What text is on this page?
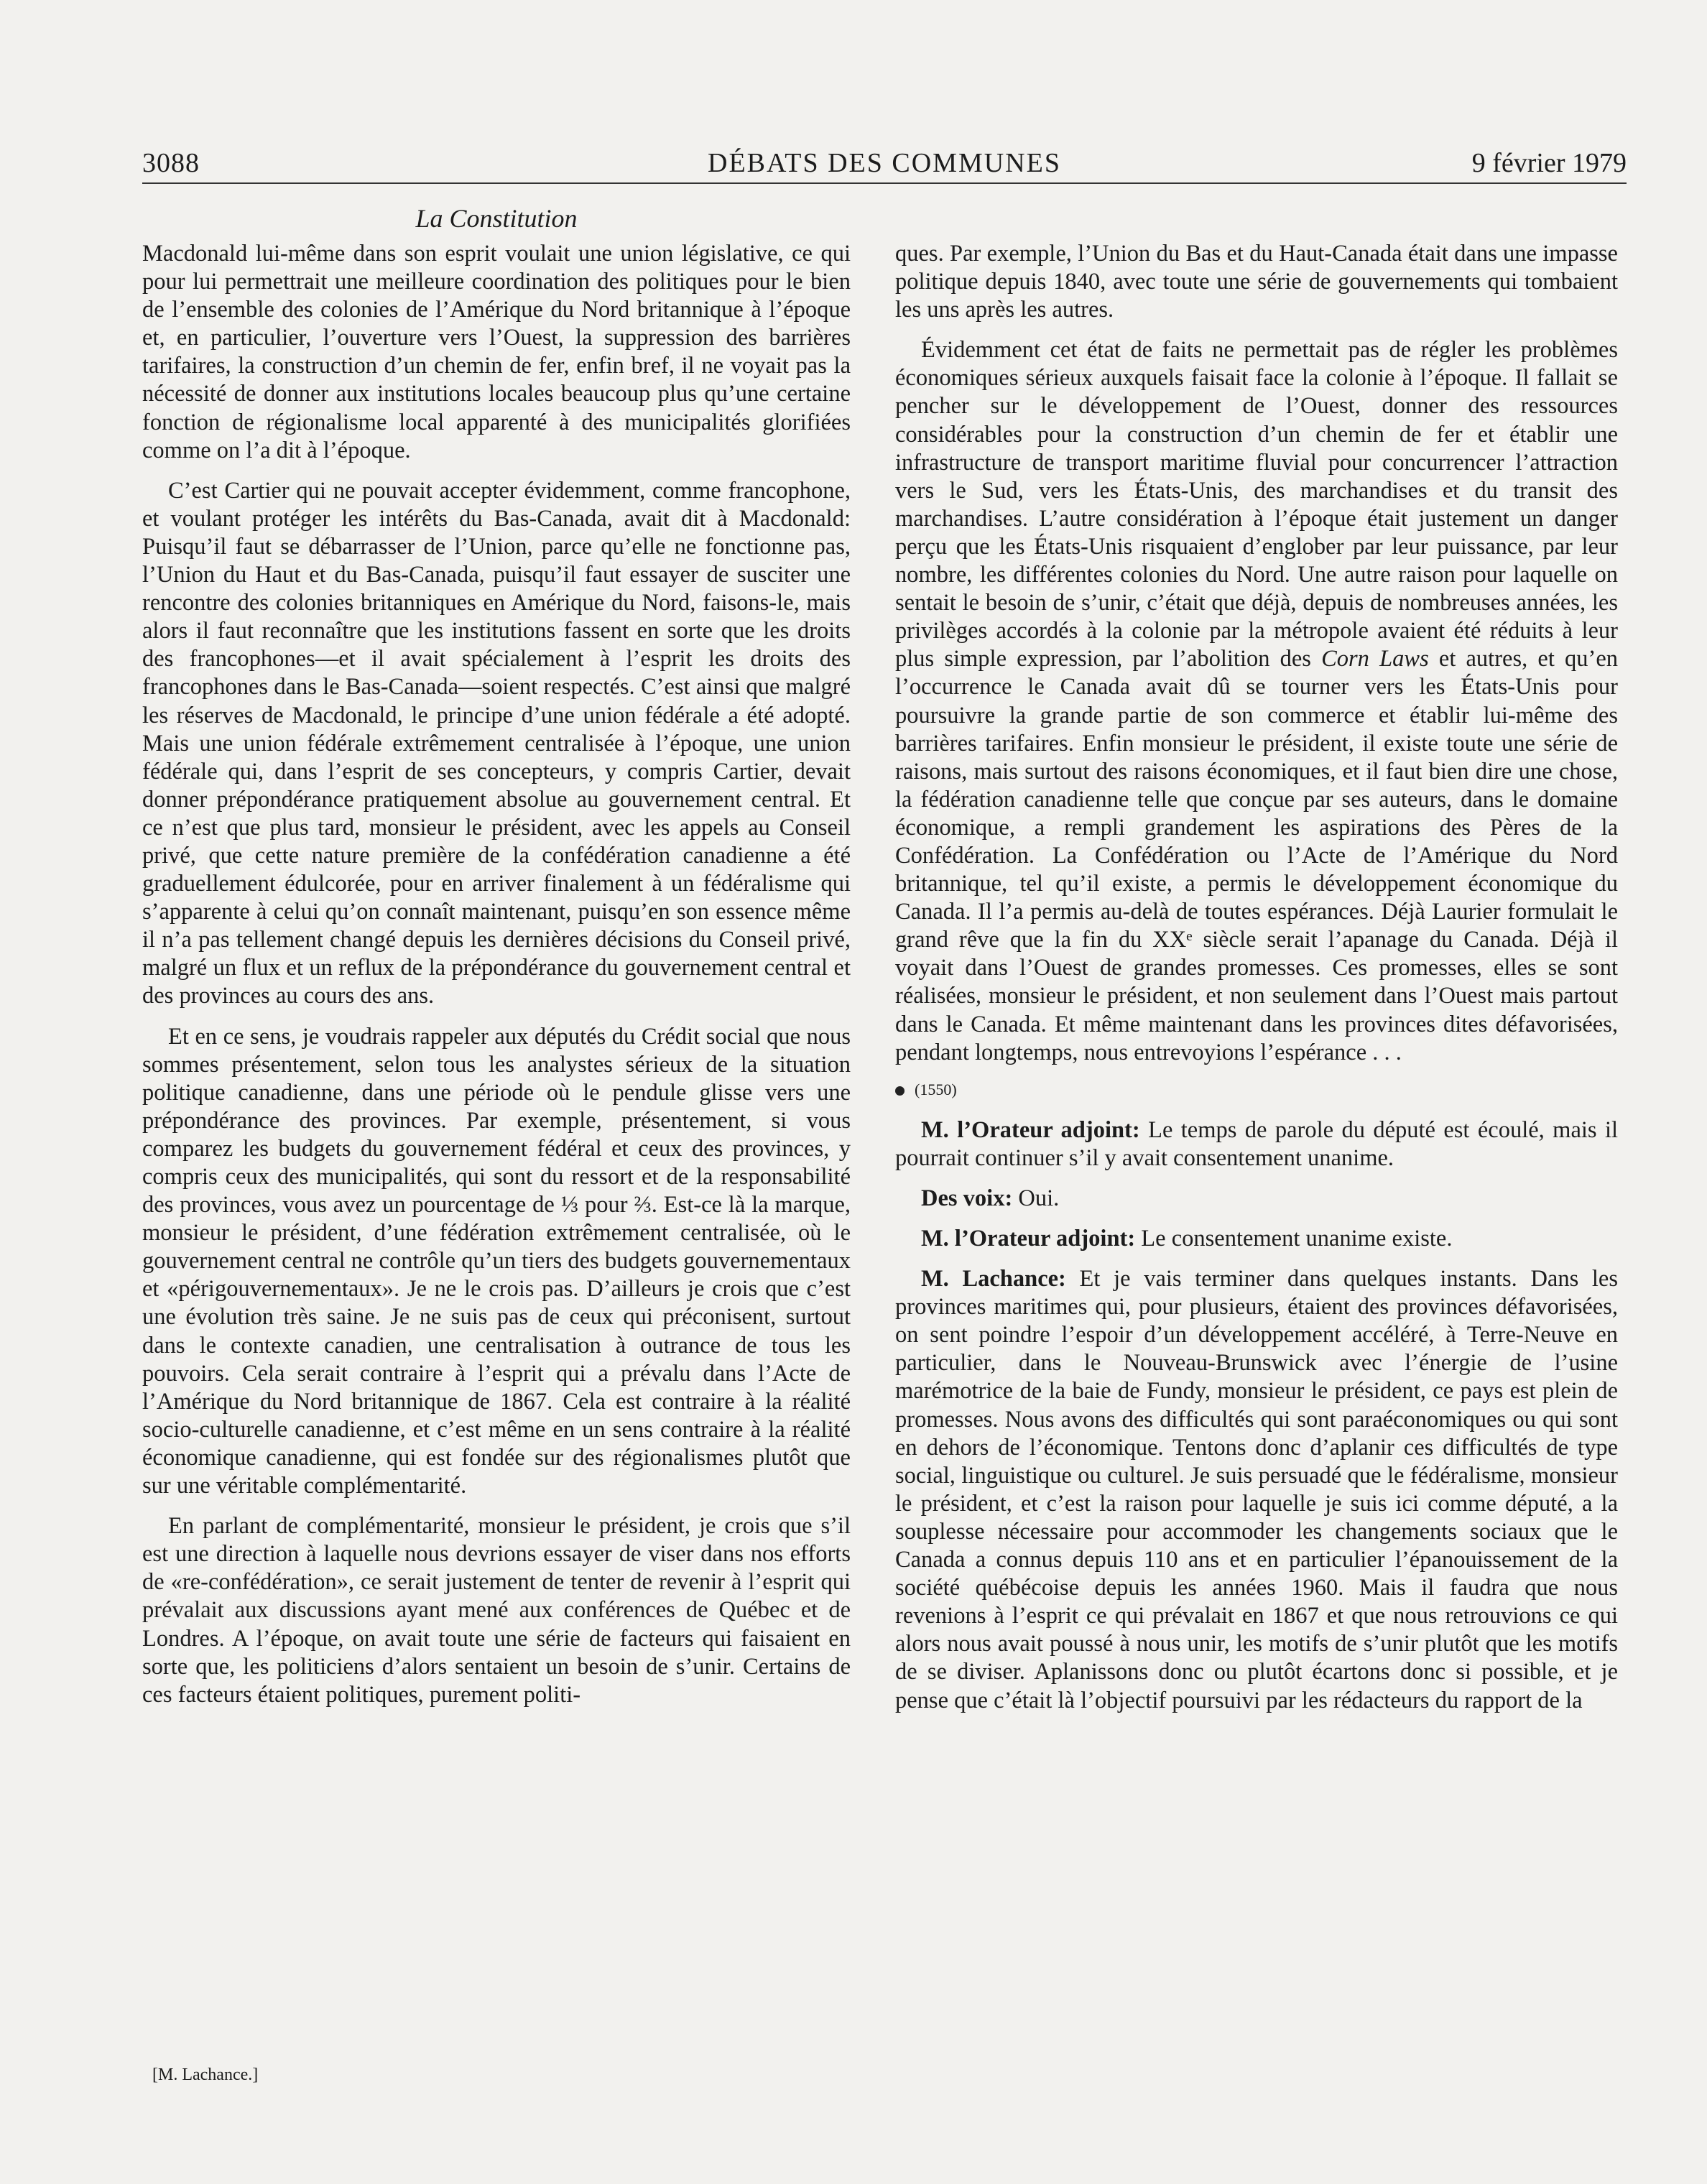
DÉBATS DES COMMUNES
3088	9 février 1979
La Constitution

Macdonald lui-même dans son esprit voulait une union législative, ce qui pour lui permettrait une meilleure coordination des politiques pour le bien de l’ensemble des colonies de l’Amérique du Nord britannique à l’époque et, en particulier, l’ouverture vers l’Ouest, la suppression des barrières tarifaires, la construction d’un chemin de fer, enfin bref, il ne voyait pas la nécessité de donner aux institutions locales beaucoup plus qu’une certaine fonction de régionalisme local apparenté à des municipalités glorifiées comme on l’a dit à l’époque.

C’est Cartier qui ne pouvait accepter évidemment, comme francophone, et voulant protéger les intérêts du Bas-Canada, avait dit à Macdonald: Puisqu’il faut se débarrasser de l’Union, parce qu’elle ne fonctionne pas, l’Union du Haut et du Bas-Canada, puisqu’il faut essayer de susciter une rencontre des colonies britanniques en Amérique du Nord, faisons-le, mais alors il faut reconnaître que les institutions fassent en sorte que les droits des francophones—et il avait spécialement à l’esprit les droits des francophones dans le Bas-Canada—soient respectés. C’est ainsi que malgré les réserves de Macdonald, le principe d’une union fédérale a été adopté. Mais une union fédérale extrêmement centralisée à l’époque, une union fédérale qui, dans l’esprit de ses concepteurs, y compris Cartier, devait donner prépondérance pratiquement absolue au gouvernement central. Et ce n’est que plus tard, monsieur le président, avec les appels au Conseil privé, que cette nature première de la confédération canadienne a été graduellement édulcorée, pour en arriver finalement à un fédéralisme qui s’apparente à celui qu’on connaît maintenant, puisqu’en son essence même il n’a pas tellement changé depuis les dernières décisions du Conseil privé, malgré un flux et un reflux de la prépondérance du gouvernement central et des provinces au cours des ans.

Et en ce sens, je voudrais rappeler aux députés du Crédit social que nous sommes présentement, selon tous les analystes sérieux de la situation politique canadienne, dans une période où le pendule glisse vers une prépondérance des provinces. Par exemple, présentement, si vous comparez les budgets du gouvernement fédéral et ceux des provinces, y compris ceux des municipalités, qui sont du ressort et de la responsabilité des provinces, vous avez un pourcentage de ⅓ pour ⅔. Est-ce là la marque, monsieur le président, d’une fédération extrêmement centralisée, où le gouvernement central ne contrôle qu’un tiers des budgets gouvernementaux et «périgouvernementaux». Je ne le crois pas. D’ailleurs je crois que c’est une évolution très saine. Je ne suis pas de ceux qui préconisent, surtout dans le contexte canadien, une centralisation à outrance de tous les pouvoirs. Cela serait contraire à l’esprit qui a prévalu dans l’Acte de l’Amérique du Nord britannique de 1867. Cela est contraire à la réalité socio-culturelle canadienne, et c’est même en un sens contraire à la réalité économique canadienne, qui est fondée sur des régionalismes plutôt que sur une véritable complémentarité.

En parlant de complémentarité, monsieur le président, je crois que s’il est une direction à laquelle nous devrions essayer de viser dans nos efforts de «re-confédération», ce serait justement de tenter de revenir à l’esprit qui prévalait aux discussions ayant mené aux conférences de Québec et de Londres. A l’époque, on avait toute une série de facteurs qui faisaient en sorte que, les politiciens d’alors sentaient un besoin de s’unir. Certains de ces facteurs étaient politiques, purement politi-

ques. Par exemple, l’Union du Bas et du Haut-Canada était dans une impasse politique depuis 1840, avec toute une série de gouvernements qui tombaient les uns après les autres.

Évidemment cet état de faits ne permettait pas de régler les problèmes économiques sérieux auxquels faisait face la colonie à l’époque. Il fallait se pencher sur le développement de l’Ouest, donner des ressources considérables pour la construction d’un chemin de fer et établir une infrastructure de transport maritime fluvial pour concurrencer l’attraction vers le Sud, vers les États-Unis, des marchandises et du transit des marchandises. L’autre considération à l’époque était justement un danger perçu que les États-Unis risquaient d’englober par leur puissance, par leur nombre, les différentes colonies du Nord. Une autre raison pour laquelle on sentait le besoin de s’unir, c’était que déjà, depuis de nombreuses années, les privilèges accordés à la colonie par la métropole avaient été réduits à leur plus simple expression, par l’abolition des Corn Laws et autres, et qu’en l’occurrence le Canada avait dû se tourner vers les États-Unis pour poursuivre la grande partie de son commerce et établir lui-même des barrières tarifaires. Enfin monsieur le président, il existe toute une série de raisons, mais surtout des raisons économiques, et il faut bien dire une chose, la fédération canadienne telle que conçue par ses auteurs, dans le domaine économique, a rempli grandement les aspirations des Pères de la Confédération. La Confédération ou l’Acte de l’Amérique du Nord britannique, tel qu’il existe, a permis le développement économique du Canada. Il l’a permis au-delà de toutes espérances. Déjà Laurier formulait le grand rêve que la fin du XXᵉ siècle serait l’apanage du Canada. Déjà il voyait dans l’Ouest de grandes promesses. Ces promesses, elles se sont réalisées, monsieur le président, et non seulement dans l’Ouest mais partout dans le Canada. Et même maintenant dans les provinces dites défavorisées, pendant longtemps, nous entrevoyions l’espérance . . .

(1550)

M. l’Orateur adjoint: Le temps de parole du député est écoulé, mais il pourrait continuer s’il y avait consentement unanime.

Des voix: Oui.

M. l’Orateur adjoint: Le consentement unanime existe.

M. Lachance: Et je vais terminer dans quelques instants. Dans les provinces maritimes qui, pour plusieurs, étaient des provinces défavorisées, on sent poindre l’espoir d’un développement accéléré, à Terre-Neuve en particulier, dans le Nouveau-Brunswick avec l’énergie de l’usine marémotrice de la baie de Fundy, monsieur le président, ce pays est plein de promesses. Nous avons des difficultés qui sont paraéconomiques ou qui sont en dehors de l’économique. Tentons donc d’aplanir ces difficultés de type social, linguistique ou culturel. Je suis persuadé que le fédéralisme, monsieur le président, et c’est la raison pour laquelle je suis ici comme député, a la souplesse nécessaire pour accommoder les changements sociaux que le Canada a connus depuis 110 ans et en particulier l’épanouissement de la société québécoise depuis les années 1960. Mais il faudra que nous revenions à l’esprit ce qui prévalait en 1867 et que nous retrouvions ce qui alors nous avait poussé à nous unir, les motifs de s’unir plutôt que les motifs de se diviser. Aplanissons donc ou plutôt écartons donc si possible, et je pense que c’était là l’objectif poursuivi par les rédacteurs du rapport de la

[M. Lachance.]
